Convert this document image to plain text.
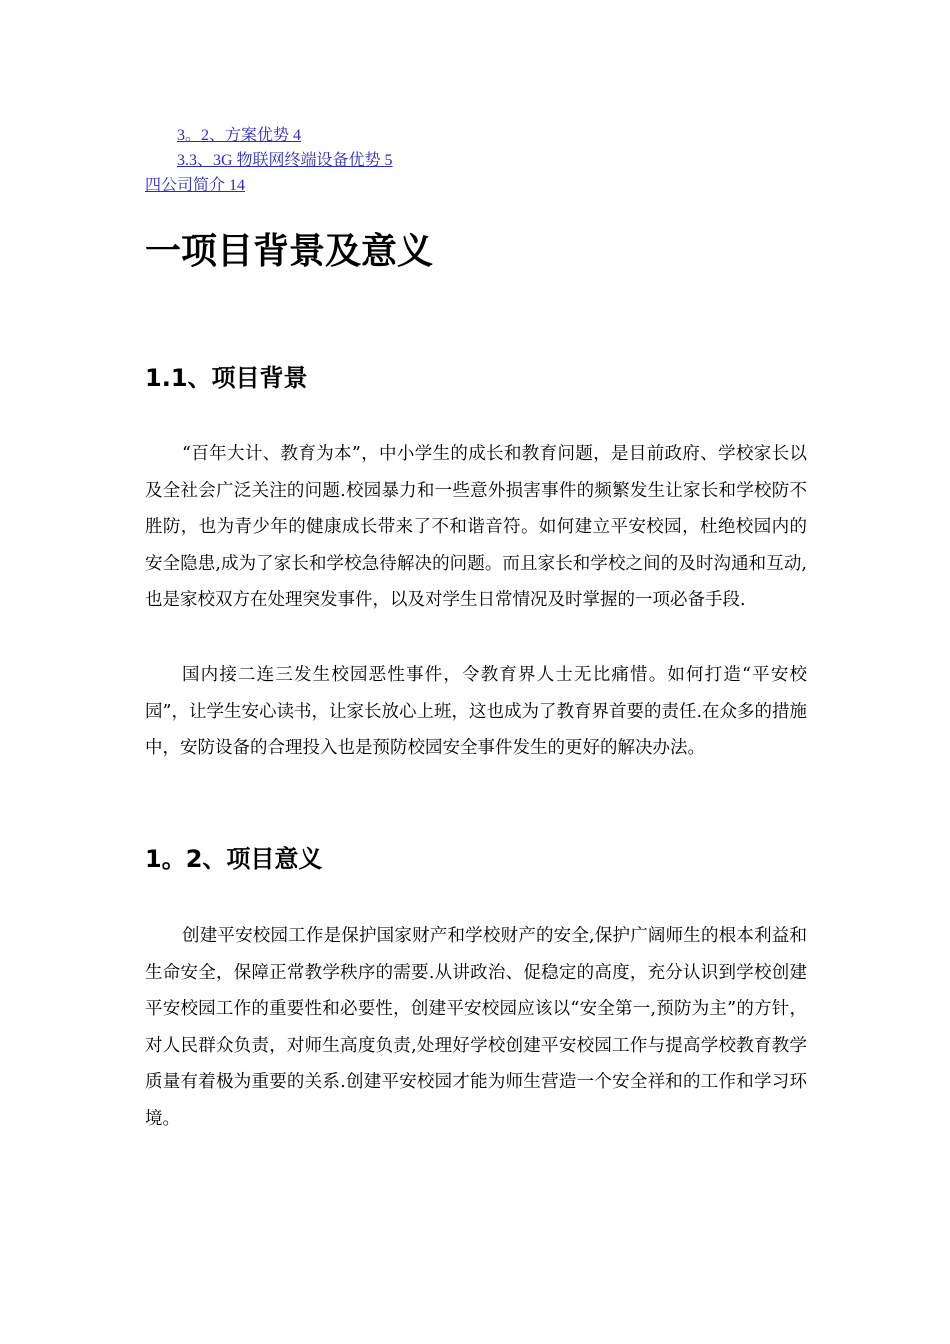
3。2、方案优势 4
3.3、3G 物联网终端设备优势 5
四公司简介 14
一项目背景及意义
1.1、项目背景

“百年大计、教育为本”，中小学生的成长和教育问题，是目前政府、学校家长以及全社会广泛关注的问题.校园暴力和一些意外损害事件的频繁发生让家长和学校防不胜防，也为青少年的健康成长带来了不和谐音符。如何建立平安校园，杜绝校园内的安全隐患,成为了家长和学校急待解决的问题。而且家长和学校之间的及时沟通和互动,也是家校双方在处理突发事件，以及对学生日常情况及时掌握的一项必备手段.

国内接二连三发生校园恶性事件，令教育界人士无比痛惜。如何打造“平安校园”，让学生安心读书，让家长放心上班，这也成为了教育界首要的责任.在众多的措施中，安防设备的合理投入也是预防校园安全事件发生的更好的解决办法。

1。2、项目意义

创建平安校园工作是保护国家财产和学校财产的安全,保护广阔师生的根本利益和生命安全，保障正常教学秩序的需要.从讲政治、促稳定的高度，充分认识到学校创建平安校园工作的重要性和必要性，创建平安校园应该以“安全第一,预防为主”的方针，对人民群众负责，对师生高度负责,处理好学校创建平安校园工作与提高学校教育教学质量有着极为重要的关系.创建平安校园才能为师生营造一个安全祥和的工作和学习环境。
